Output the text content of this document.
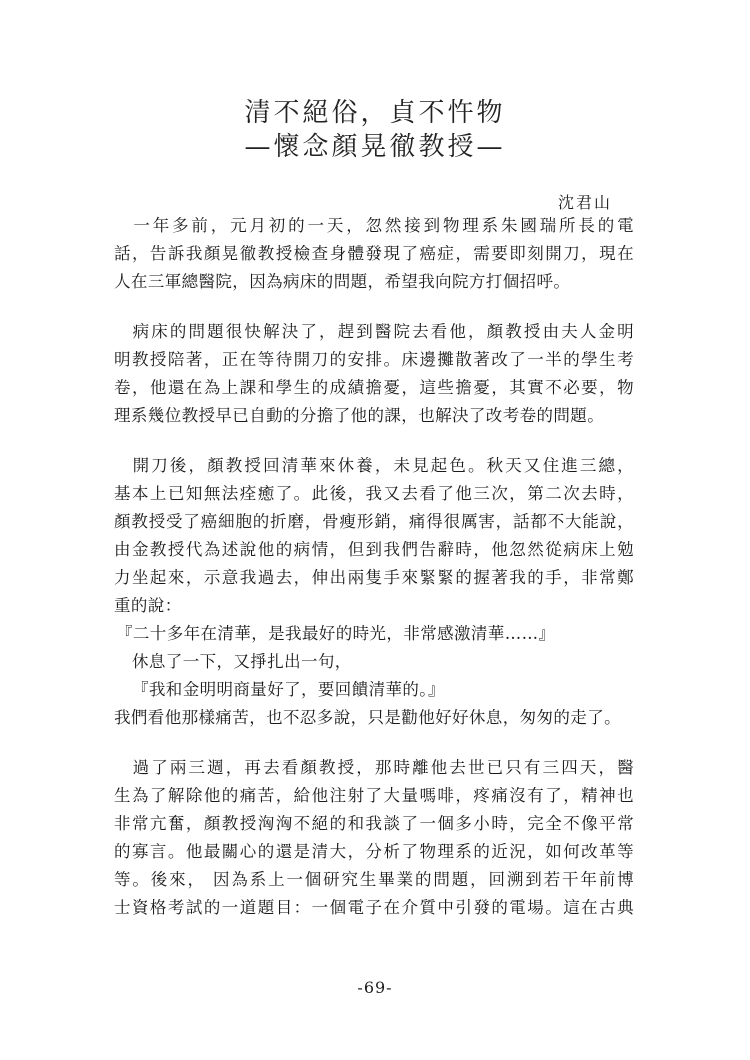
清不絕俗，貞不忤物
—懷念顏晃徹教授—
沈君山
　一年多前，元月初的一天，忽然接到物理系朱國瑞所長的電
話，告訴我顏晃徹教授檢查身體發現了癌症，需要即刻開刀，現在
人在三軍總醫院，因為病床的問題，希望我向院方打個招呼。
　病床的問題很快解決了，趕到醫院去看他，顏教授由夫人金明
明教授陪著，正在等待開刀的安排。床邊攤散著改了一半的學生考
卷，他還在為上課和學生的成績擔憂，這些擔憂，其實不必要，物
理系幾位教授早已自動的分擔了他的課，也解決了改考卷的問題。
　開刀後，顏教授回清華來休養，未見起色。秋天又住進三總，
基本上已知無法痊癒了。此後，我又去看了他三次，第二次去時，
顏教授受了癌細胞的折磨，骨瘦形銷，痛得很厲害，話都不大能說，
由金教授代為述說他的病情，但到我們告辭時，他忽然從病床上勉
力坐起來，示意我過去，伸出兩隻手來緊緊的握著我的手，非常鄭
重的說：
『二十多年在清華，是我最好的時光，非常感激清華……』
休息了一下，又掙扎出一句，
『我和金明明商量好了，要回饋清華的。』
我們看他那樣痛苦，也不忍多說，只是勸他好好休息，匆匆的走了。
　過了兩三週，再去看顏教授，那時離他去世已只有三四天，醫
生為了解除他的痛苦，給他注射了大量嗎啡，疼痛沒有了，精神也
非常亢奮，顏教授洶洶不絕的和我談了一個多小時，完全不像平常
的寡言。他最關心的還是清大，分析了物理系的近況，如何改革等
等。後來， 因為系上一個研究生畢業的問題，回溯到若干年前博
士資格考試的一道題目：一個電子在介質中引發的電場。這在古典
-69-
